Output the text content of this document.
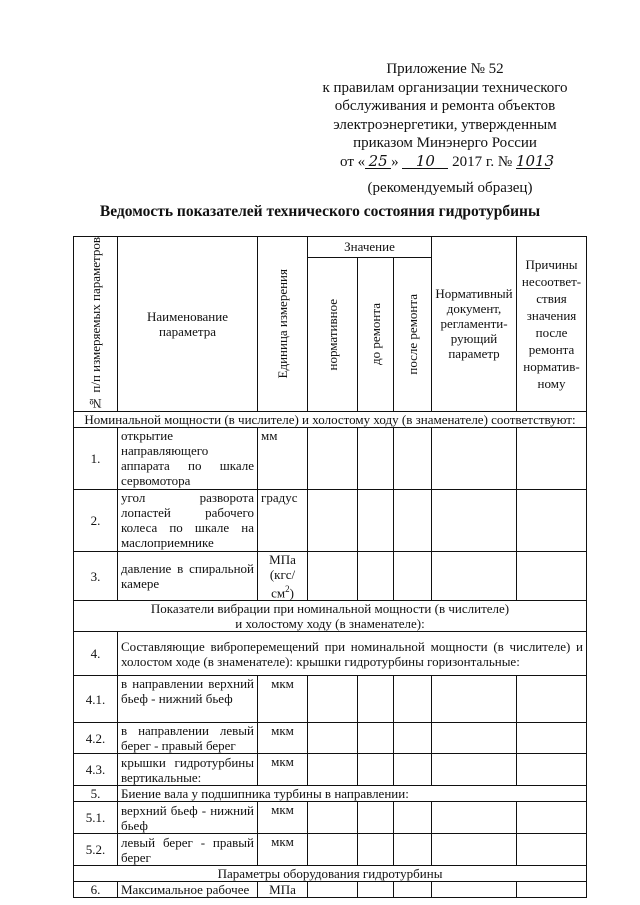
Приложение № 52
к правилам организации технического
обслуживания и ремонта объектов
электроэнергетики, утвержденным
приказом Минэнерго России
от « 25 » 10 2017 г. № 1013
(рекомендуемый образец)
Ведомость показателей технического состояния гидротурбины
№ п/п измеряемых параметров	Наименование параметра	Единица измерения	Значение			Нормативный документ, регламенти-рующий параметр	Причины несоответ-ствия значения после ремонта норматив-ному

			нормативное	до ремонта	после ремонта		

Номинальной мощности (в числителе) и холостому ходу (в знаменателе) соответствуют:							
1.	открытие направляющего аппарата по шкале сервомотора	мм					
2.	угол разворота лопастей рабочего колеса по шкале на маслоприемнике	градус					
3.	давление в спиральной камере	МПа (кгс/ $см^2$)					

Показатели вибрации при номинальной мощности (в числителе)
и холостому ходу (в знаменателе):							

4.	Составляющие виброперемещений при номинальной мощности (в числителе) и холостом ходе (в знаменателе): крышки гидротурбины горизонтальные:						
4.1.	в направлении верхний бьеф - нижний бьеф	мкм					
4.2.	в направлении левый берег - правый берег	мкм					
4.3.	крышки гидротурбины вертикальные:	мкм					
5.	Биение вала у подшипника турбины в направлении:						
5.1.	верхний бьеф - нижний бьеф	мкм					
5.2.	левый берег - правый берег	мкм					
Параметры оборудования гидротурбины							
6.	Максимальное рабочее	МПа					
